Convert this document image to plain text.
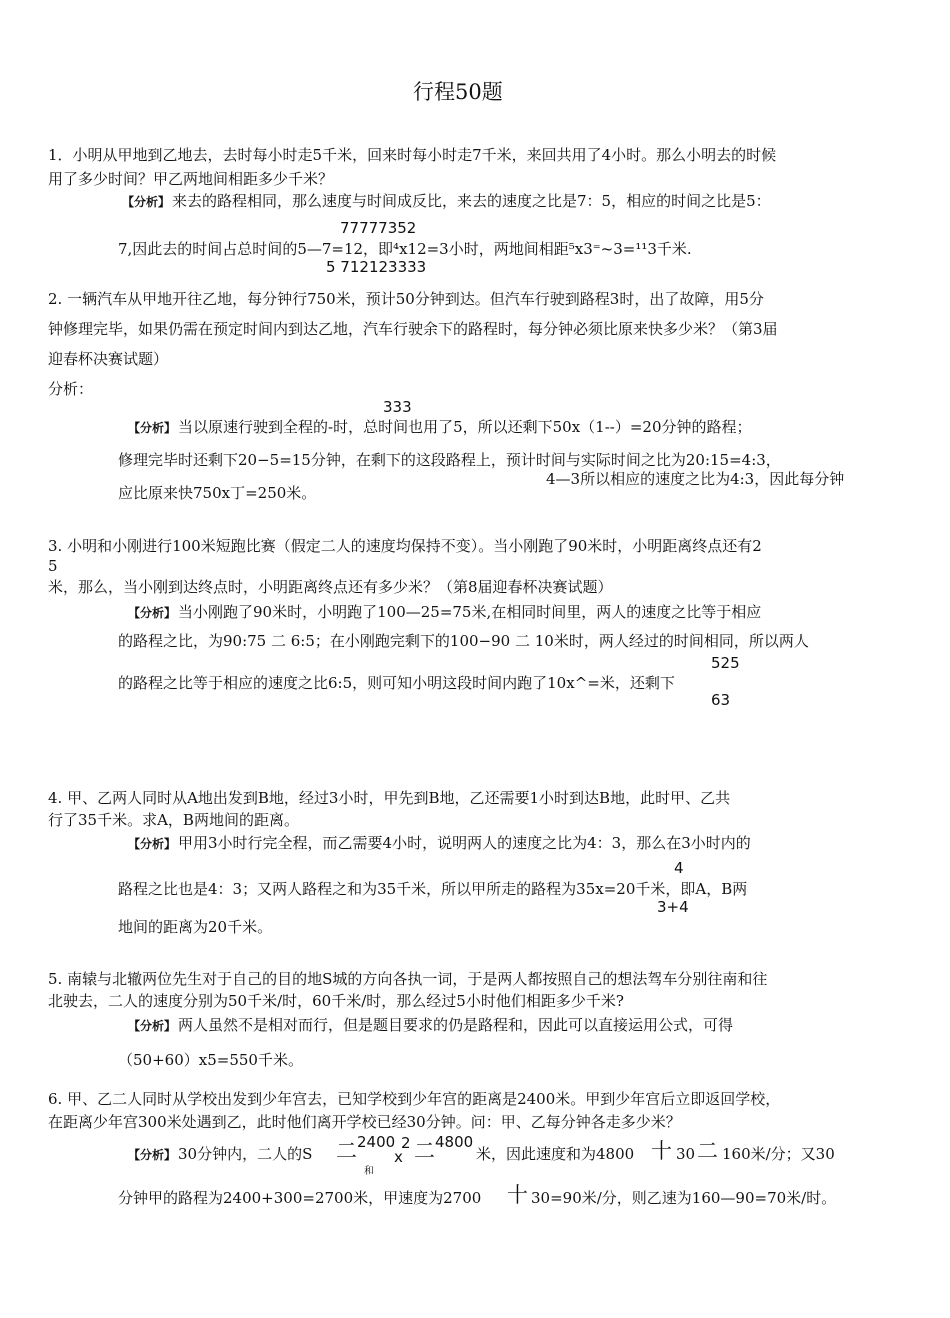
行程50题
1．小明从甲地到乙地去，去时每小时走5千米，回来时每小时走7千米，来回共用了4小时。那么小明去的时候
用了多少时间？甲乙两地间相距多少千米？
【分析】 来去的路程相同，那么速度与时间成反比，来去的速度之比是7：5，相应的时间之比是5：
77777352
7,因此去的时间占总时间的5—7=12，即⁴x12=3小时，两地间相距⁵x3⁼~3=¹¹3千米.
5 712123333
2. 一辆汽车从甲地开往乙地，每分钟行750米，预计50分钟到达。但汽车行驶到路程3时，出了故障，用5分
钟修理完毕，如果仍需在预定时间内到达乙地，汽车行驶余下的路程时，每分钟必须比原来快多少米？（第3届
迎春杯决赛试题）
分析：
333
【分析】 当以原速行驶到全程的-时，总时间也用了5，所以还剩下50x（1--）=20分钟的路程；
修理完毕时还剩下20−5=15分钟，在剩下的这段路程上，预计时间与实际时间之比为20:15=4:3，
4—3所以相应的速度之比为4:3，因此每分钟
应比原来快750x丁=250米。
3. 小明和小刚进行100米短跑比赛（假定二人的速度均保持不变）。当小刚跑了90米时，小明距离终点还有2
5
米，那么，当小刚到达终点时，小明距离终点还有多少米？（第8届迎春杯决赛试题）
【分析】 当小刚跑了90米时，小明跑了100—25=75米,在相同时间里，两人的速度之比等于相应
的路程之比，为90:75 二 6:5；在小刚跑完剩下的100−90 二 10米时，两人经过的时间相同，所以两人
525
的路程之比等于相应的速度之比6:5，则可知小明这段时间内跑了10x^=米，还剩下
63
4. 甲、乙两人同时从A地出发到B地，经过3小时，甲先到B地，乙还需要1小时到达B地，此时甲、乙共
行了35千米。求A，B两地间的距离。
【分析】 甲用3小时行完全程，而乙需要4小时，说明两人的速度之比为4：3，那么在3小时内的
4
路程之比也是4：3；又两人路程之和为35千米，所以甲所走的路程为35x=20千米，即A，B两
3+4
地间的距离为20千米。
5. 南辕与北辙两位先生对于自己的目的地S城的方向各执一词，于是两人都按照自己的想法驾车分别往南和往
北驶去，二人的速度分别为50千米/时，60千米/时，那么经过5小时他们相距多少千米?
【分析】 两人虽然不是相对而行，但是题目要求的仍是路程和，因此可以直接运用公式，可得
（50+60）x5=550千米。
6. 甲、乙二人同时从学校出发到少年宫去，已知学校到少年宫的距离是2400米。甲到少年宫后立即返回学校，
在距离少年宫300米处遇到乙，此时他们离开学校已经30分钟。问：甲、乙每分钟各走多少米？
【分析】 30分钟内，二人的S 二 2400
x
2 二 4800
米，因此速度和为4800 十 30 二 160米/分；又30
和
分钟甲的路程为2400+300=2700米，甲速度为2700 十 30=90米/分，则乙速为160—90=70米/时。
